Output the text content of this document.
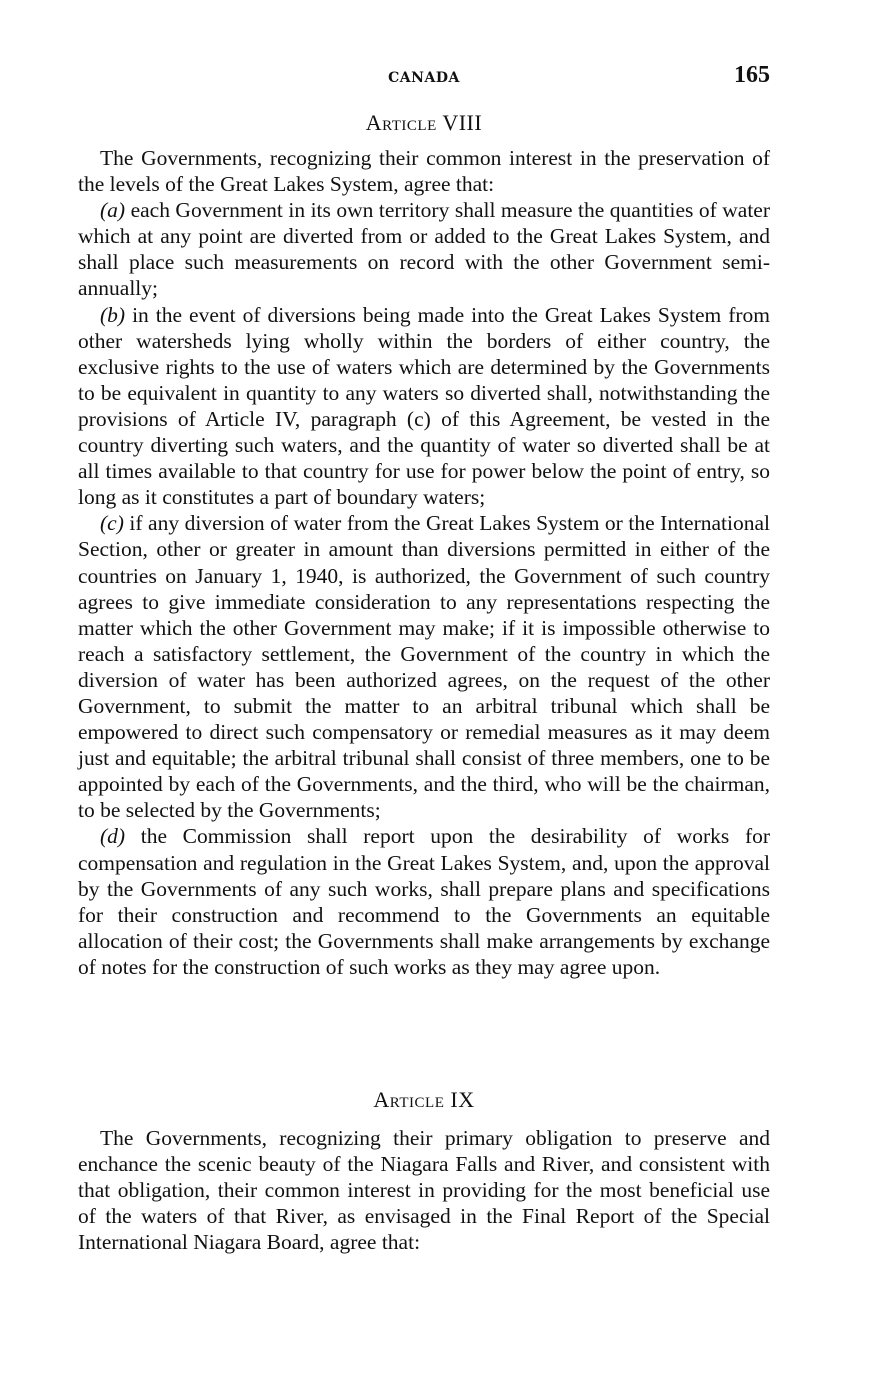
CANADA	165
Article VIII

The Governments, recognizing their common interest in the preservation of the levels of the Great Lakes System, agree that:

(a) each Government in its own territory shall measure the quantities of water which at any point are diverted from or added to the Great Lakes System, and shall place such measurements on record with the other Government semi-annually;

(b) in the event of diversions being made into the Great Lakes System from other watersheds lying wholly within the borders of either country, the exclusive rights to the use of waters which are determined by the Governments to be equivalent in quantity to any waters so diverted shall, notwithstanding the provisions of Article IV, paragraph (c) of this Agreement, be vested in the country diverting such waters, and the quantity of water so diverted shall be at all times available to that country for use for power below the point of entry, so long as it constitutes a part of boundary waters;

(c) if any diversion of water from the Great Lakes System or the International Section, other or greater in amount than diversions permitted in either of the countries on January 1, 1940, is authorized, the Government of such country agrees to give immediate consideration to any representations respecting the matter which the other Government may make; if it is impossible otherwise to reach a satisfactory settlement, the Government of the country in which the diversion of water has been authorized agrees, on the request of the other Government, to submit the matter to an arbitral tribunal which shall be empowered to direct such compensatory or remedial measures as it may deem just and equitable; the arbitral tribunal shall consist of three members, one to be appointed by each of the Governments, and the third, who will be the chairman, to be selected by the Governments;

(d) the Commission shall report upon the desirability of works for compensation and regulation in the Great Lakes System, and, upon the approval by the Governments of any such works, shall prepare plans and specifications for their construction and recommend to the Governments an equitable allocation of their cost; the Governments shall make arrangements by exchange of notes for the construction of such works as they may agree upon.

Article IX

The Governments, recognizing their primary obligation to preserve and enchance the scenic beauty of the Niagara Falls and River, and consistent with that obligation, their common interest in providing for the most beneficial use of the waters of that River, as envisaged in the Final Report of the Special International Niagara Board, agree that:
